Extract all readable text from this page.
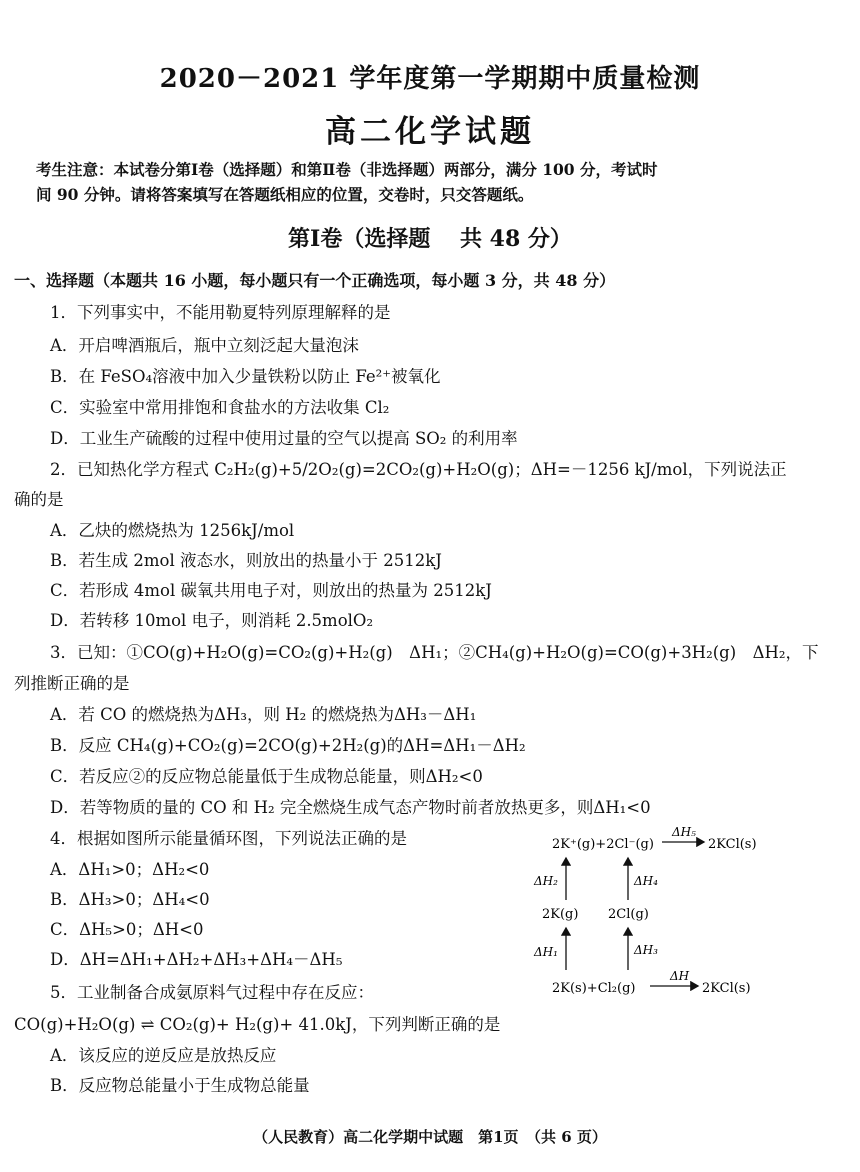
2020－2021 学年度第一学期期中质量检测
高二化学试题
考生注意：本试卷分第Ⅰ卷（选择题）和第Ⅱ卷（非选择题）两部分，满分 100 分，考试时
间 90 分钟。请将答案填写在答题纸相应的位置，交卷时，只交答题纸。
第Ⅰ卷（选择题　 共 48 分）
一、选择题（本题共 16 小题，每小题只有一个正确选项，每小题 3 分，共 48 分）
1．下列事实中，不能用勒夏特列原理解释的是
A．开启啤酒瓶后，瓶中立刻泛起大量泡沫
B．在 FeSO₄溶液中加入少量铁粉以防止 Fe²⁺被氧化
C．实验室中常用排饱和食盐水的方法收集 Cl₂
D．工业生产硫酸的过程中使用过量的空气以提高 SO₂ 的利用率
2．已知热化学方程式 C₂H₂(g)+5/2O₂(g)=2CO₂(g)+H₂O(g)；ΔH=－1256 kJ/mol，下列说法正
确的是
A．乙炔的燃烧热为 1256kJ/mol
B．若生成 2mol 液态水，则放出的热量小于 2512kJ
C．若形成 4mol 碳氧共用电子对，则放出的热量为 2512kJ
D．若转移 10mol 电子，则消耗 2.5molO₂
3．已知：①CO(g)+H₂O(g)=CO₂(g)+H₂(g)　ΔH₁；②CH₄(g)+H₂O(g)=CO(g)+3H₂(g)　ΔH₂，下
列推断正确的是
A．若 CO 的燃烧热为ΔH₃，则 H₂ 的燃烧热为ΔH₃－ΔH₁
B．反应 CH₄(g)+CO₂(g)=2CO(g)+2H₂(g)的ΔH=ΔH₁－ΔH₂
C．若反应②的反应物总能量低于生成物总能量，则ΔH₂<0
D．若等物质的量的 CO 和 H₂ 完全燃烧生成气态产物时前者放热更多，则ΔH₁<0
4．根据如图所示能量循环图，下列说法正确的是
A．ΔH₁>0；ΔH₂<0
B．ΔH₃>0；ΔH₄<0
C．ΔH₅>0；ΔH<0
D．ΔH=ΔH₁+ΔH₂+ΔH₃+ΔH₄－ΔH₅
5．工业制备合成氨原料气过程中存在反应：
CO(g)+H₂O(g) ⇌ CO₂(g)+ H₂(g)+ 41.0kJ，下列判断正确的是
A．该反应的逆反应是放热反应
B．反应物总能量小于生成物总能量
2K⁺(g)+2Cl⁻(g)
ΔH₅
2KCl(s)
2K(g) 2Cl(g)
ΔH₂	ΔH₄
ΔH₁	ΔH₃
2K(s)+Cl₂(g)
ΔH
2KCl(s)
（人民教育）高二化学期中试题　第1页　（共 6 页）
